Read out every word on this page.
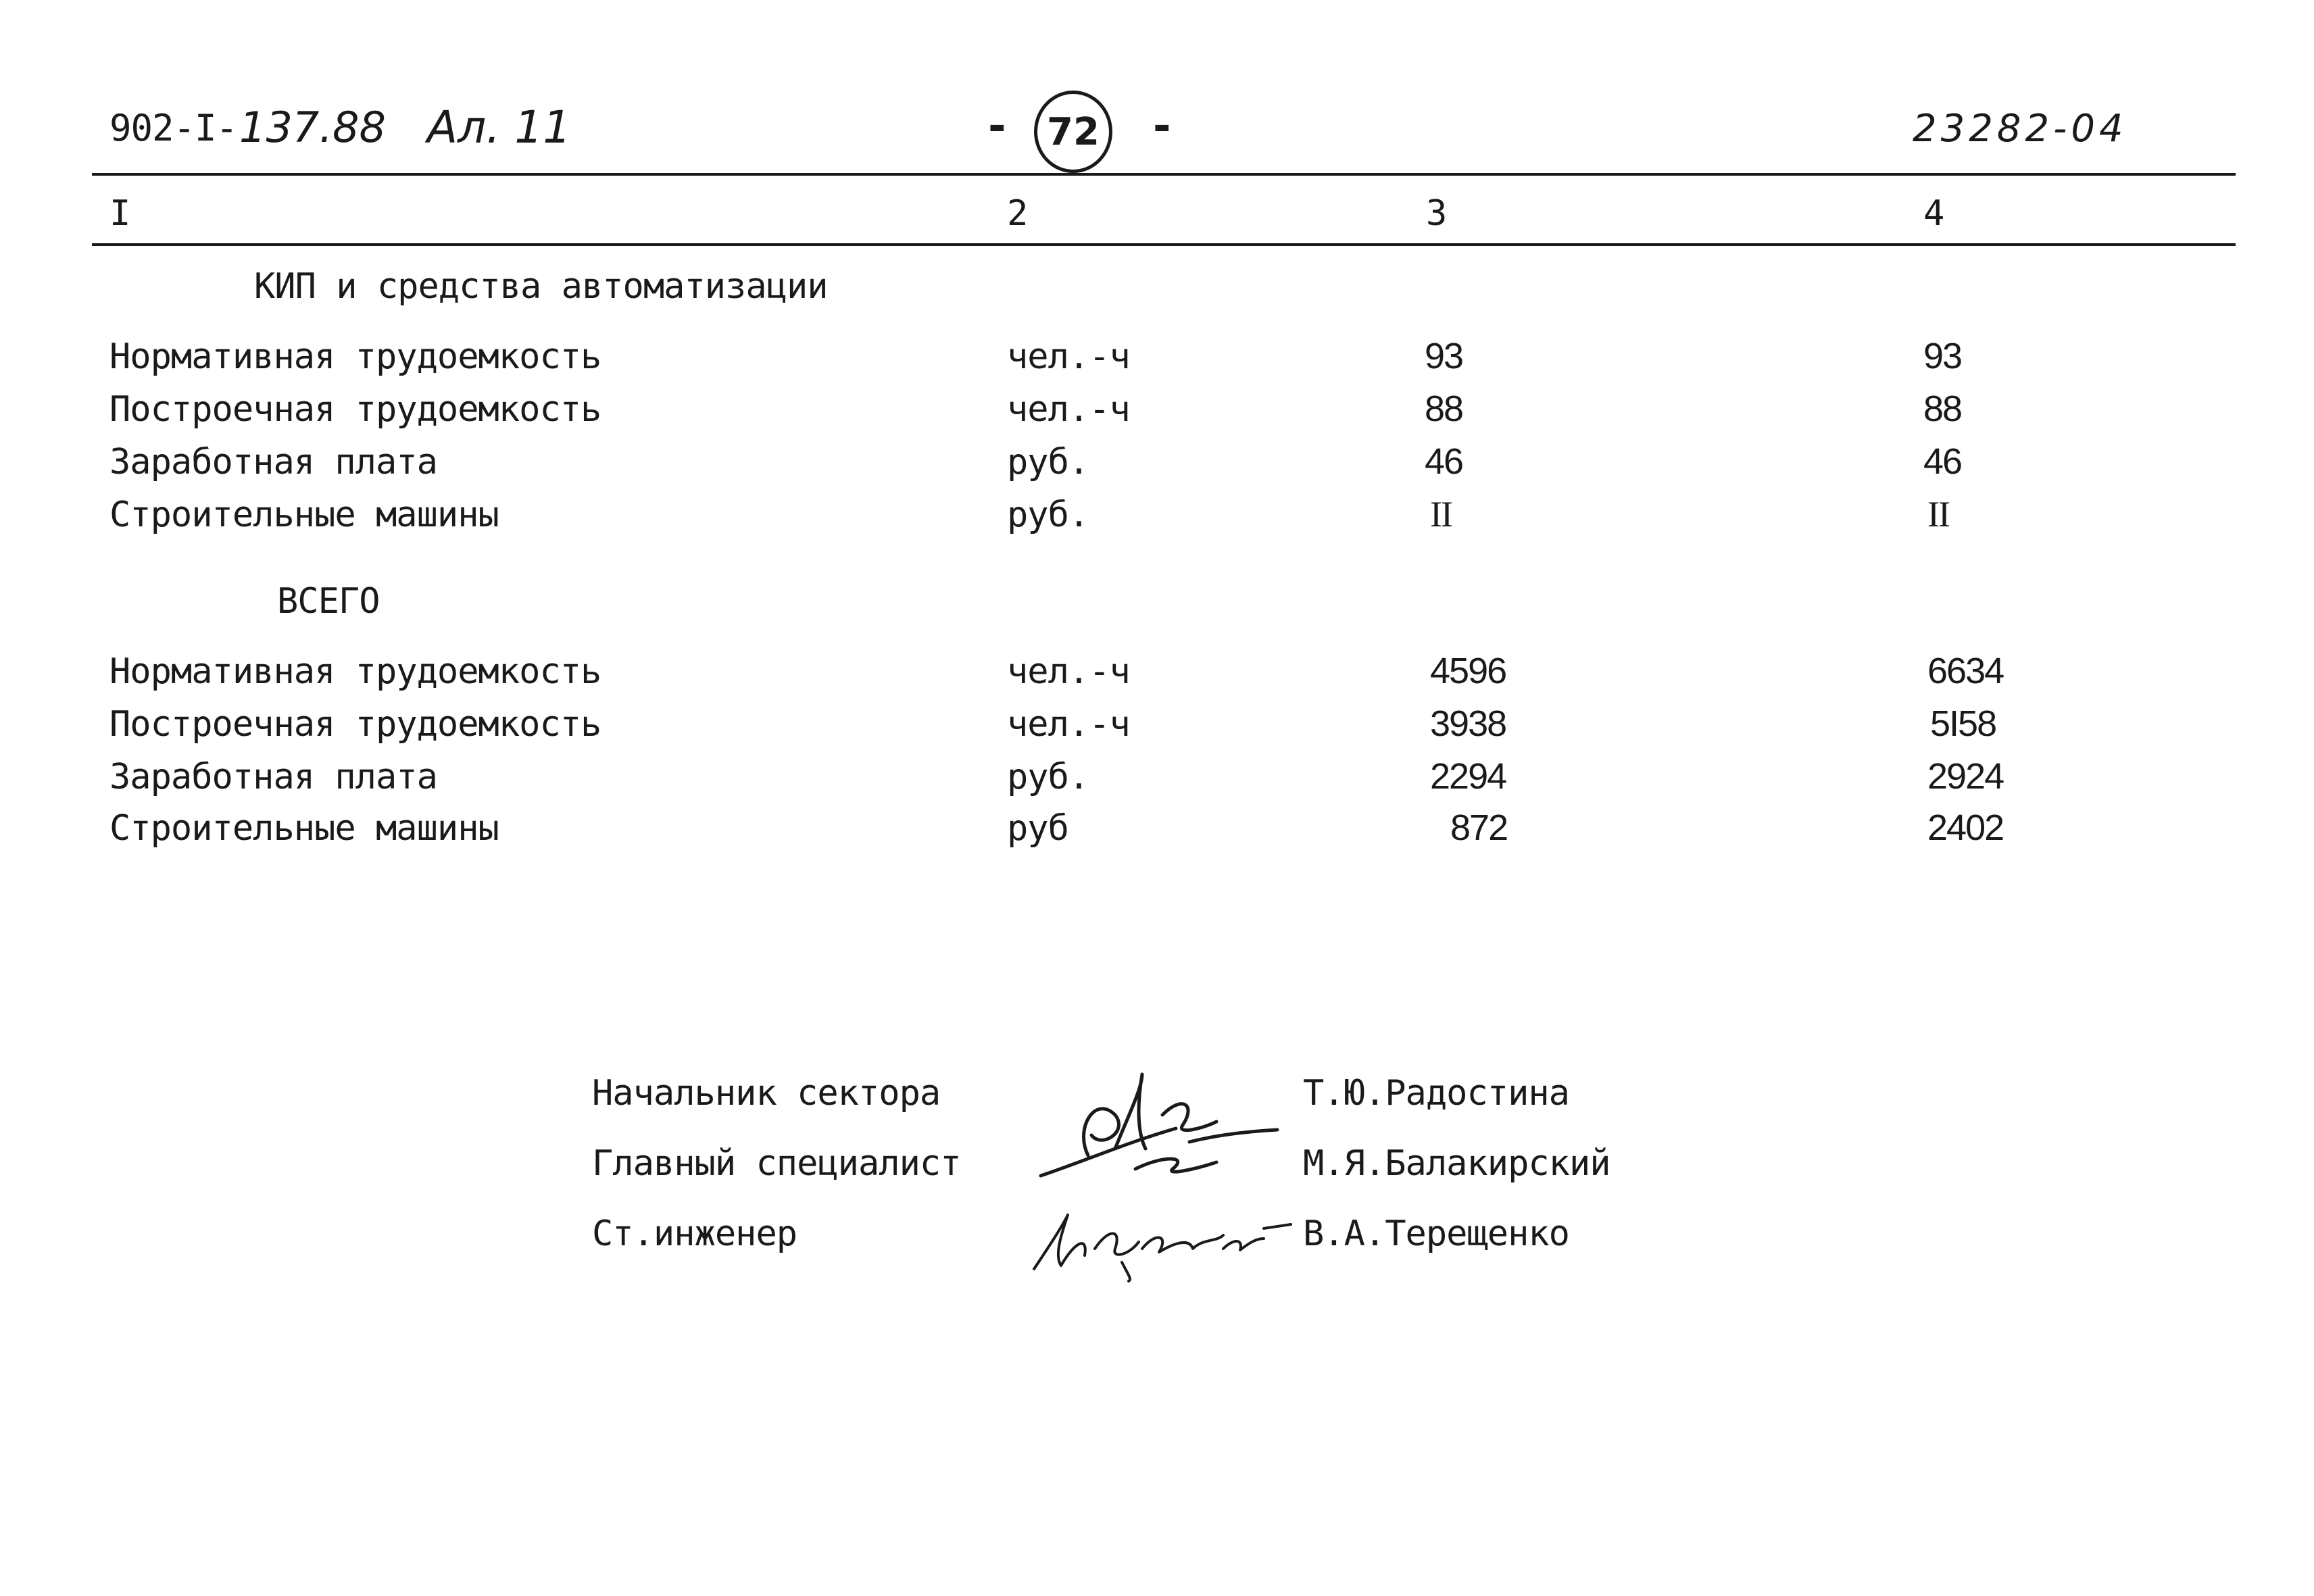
902-I- 137.88 Ал. 11	-	72 -	23282-04
I	2	3	4
КИП и средства автоматизации
Нормативная трудоемкость	чел.-ч	93	93
Построечная трудоемкость	чел.-ч	88	88
Заработная плата	руб.	46	46
Строительные машины	руб.	II	II
ВСЕГО
Нормативная трудоемкость	чел.-ч	4596	6634
Построечная трудоемкость	чел.-ч	3938	5I58
Заработная плата	руб.	2294	2924
Строительные машины	руб	872	2402
Начальник сектора	Т.Ю.Радостина
Главный специалист	М.Я.Балакирский
Ст.инженер	В.А.Терещенко
